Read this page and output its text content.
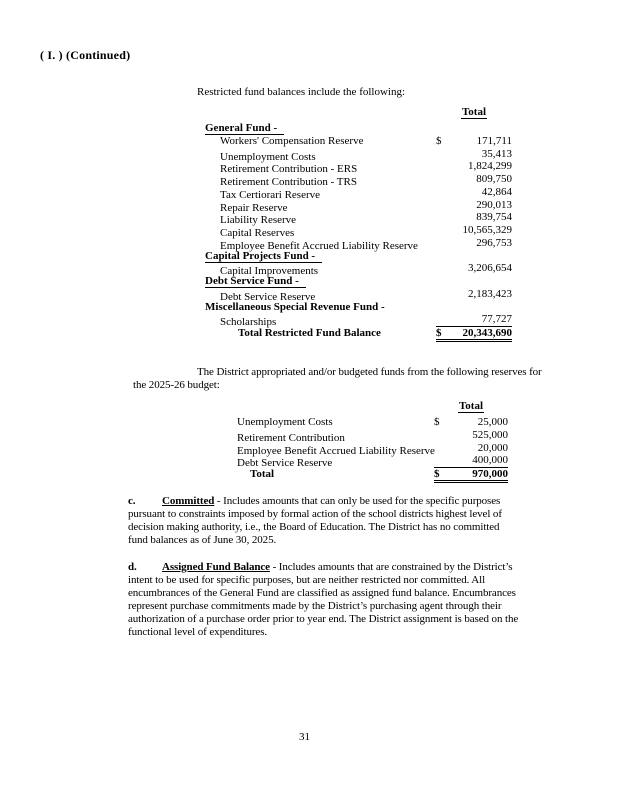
( I. ) (Continued)
Restricted fund balances include the following:
Total
General Fund -
Workers' Compensation Reserve	$	171,711
Unemployment Costs	35,413
Retirement Contribution - ERS	1,824,299
Retirement Contribution - TRS	809,750
Tax Certiorari Reserve	42,864
Repair Reserve	290,013
Liability Reserve	839,754
Capital Reserves	10,565,329
Employee Benefit Accrued Liability Reserve	296,753
Capital Projects Fund -
Capital Improvements	3,206,654
Debt Service Fund -
Debt Service Reserve	2,183,423
Miscellaneous Special Revenue Fund -
Scholarships	77,727
Total Restricted Fund Balance	$	20,343,690
The District appropriated and/or budgeted funds from the following reserves for
the 2025-26 budget:
Total
Unemployment Costs	$	25,000
Retirement Contribution	525,000
Employee Benefit Accrued Liability Reserve	20,000
Debt Service Reserve	400,000
Total	$	970,000
c. Committed - Includes amounts that can only be used for the specific purposes
pursuant to constraints imposed by formal action of the school districts highest level of
decision making authority, i.e., the Board of Education. The District has no committed
fund balances as of June 30, 2025.
d. Assigned Fund Balance - Includes amounts that are constrained by the District’s
intent to be used for specific purposes, but are neither restricted nor committed. All
encumbrances of the General Fund are classified as assigned fund balance. Encumbrances
represent purchase commitments made by the District’s purchasing agent through their
authorization of a purchase order prior to year end. The District assignment is based on the
functional level of expenditures.
31
